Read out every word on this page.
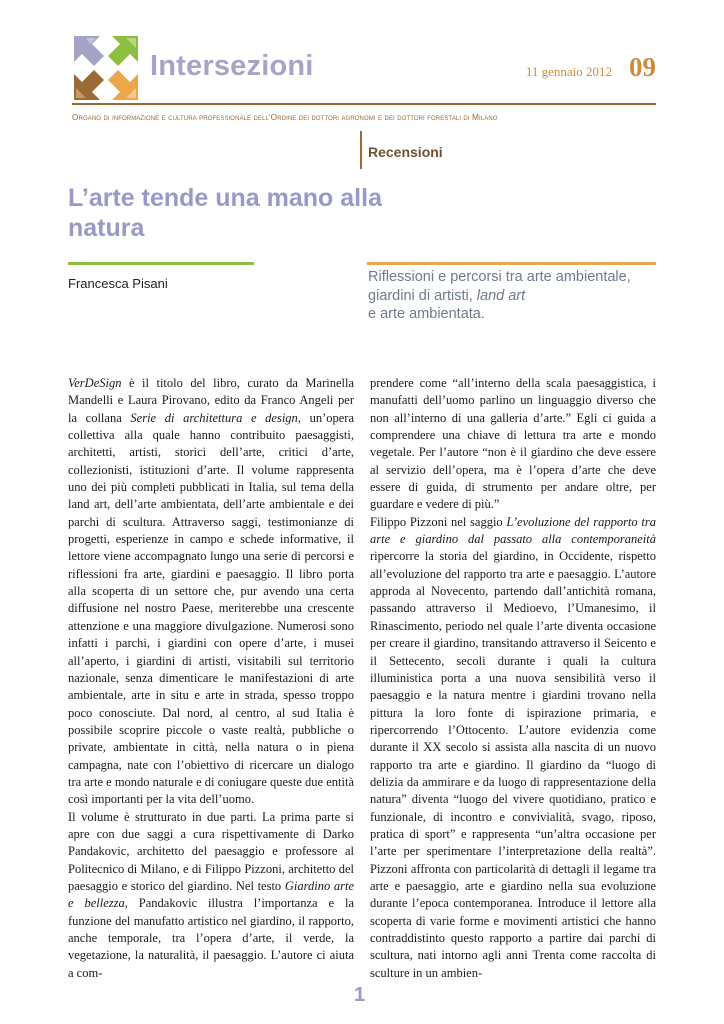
Intersezioni	11 gennaio 2012 09
Organo di informazione e cultura professionale dell'Ordine dei dottori agronomi e dei dottori forestali di Milano
Recensioni
L’arte tende una mano alla natura
Francesca Pisani	Riflessioni e percorsi tra arte ambientale, giardini di artisti, land art
e arte ambientata.

VerDeSign è il titolo del libro, curato da Marinella Mandelli e Laura Pirovano, edito da Franco Angeli per la collana Serie di architettura e design, un’opera collettiva alla quale hanno contribuito paesaggisti, architetti, artisti, storici dell’arte, critici d’arte, collezionisti, istituzioni d’arte. Il volume rappresenta uno dei più completi pubblicati in Italia, sul tema della land art, dell’arte ambientata, dell’arte ambientale e dei parchi di scultura. Attraverso saggi, testimonianze di progetti, esperienze in campo e schede informative, il lettore viene accompagnato lungo una serie di percorsi e riflessioni fra arte, giardini e paesaggio. Il libro porta alla scoperta di un settore che, pur avendo una certa diffusione nel nostro Paese, meriterebbe una crescente attenzione e una maggiore divulgazione. Numerosi sono infatti i parchi, i giardini con opere d’arte, i musei all’aperto, i giardini di artisti, visitabili sul territorio nazionale, senza dimenticare le manifestazioni di arte ambientale, arte in situ e arte in strada, spesso troppo poco conosciute. Dal nord, al centro, al sud Italia è possibile scoprire piccole o vaste realtà, pubbliche o private, ambientate in città, nella natura o in piena campagna, nate con l’obiettivo di ricercare un dialogo tra arte e mondo naturale e di coniugare queste due entità così importanti per la vita dell’uomo.

Il volume è strutturato in due parti. La prima parte si apre con due saggi a cura rispettivamente di Darko Pandakovic, architetto del paesaggio e professore al Politecnico di Milano, e di Filippo Pizzoni, architetto del paesaggio e storico del giardino. Nel testo Giardino arte e bellezza, Pandakovic illustra l’importanza e la funzione del manufatto artistico nel giardino, il rapporto, anche temporale, tra l’opera d’arte, il verde, la vegetazione, la naturalità, il paesaggio. L’autore ci aiuta a com-

prendere come “all’interno della scala paesaggistica, i manufatti dell’uomo parlino un linguaggio diverso che non all’interno di una galleria d’arte.” Egli ci guida a comprendere una chiave di lettura tra arte e mondo vegetale. Per l’autore “non è il giardino che deve essere al servizio dell’opera, ma è l’opera d’arte che deve essere di guida, di strumento per andare oltre, per guardare e vedere di più.”

Filippo Pizzoni nel saggio L’evoluzione del rapporto tra arte e giardino dal passato alla contemporaneità ripercorre la storia del giardino, in Occidente, rispetto all’evoluzione del rapporto tra arte e paesaggio. L’autore approda al Novecento, partendo dall’antichità romana, passando attraverso il Medioevo, l’Umanesimo, il Rinascimento, periodo nel quale l’arte diventa occasione per creare il giardino, transitando attraverso il Seicento e il Settecento, secoli durante i quali la cultura illuministica porta a una nuova sensibilità verso il paesaggio e la natura mentre i giardini trovano nella pittura la loro fonte di ispirazione primaria, e ripercorrendo l’Ottocento. L’autore evidenzia come durante il XX secolo si assista alla nascita di un nuovo rapporto tra arte e giardino. Il giardino da “luogo di delizia da ammirare e da luogo di rappresentazione della natura” diventa “luogo del vivere quotidiano, pratico e funzionale, di incontro e convivialità, svago, riposo, pratica di sport” e rappresenta “un’altra occasione per l’arte per sperimentare l’interpretazione della realtà”. Pizzoni affronta con particolarità di dettagli il legame tra arte e paesaggio, arte e giardino nella sua evoluzione durante l’epoca contemporanea. Introduce il lettore alla scoperta di varie forme e movimenti artistici che hanno contraddistinto questo rapporto a partire dai parchi di scultura, nati intorno agli anni Trenta come raccolta di sculture in un ambien-

1
